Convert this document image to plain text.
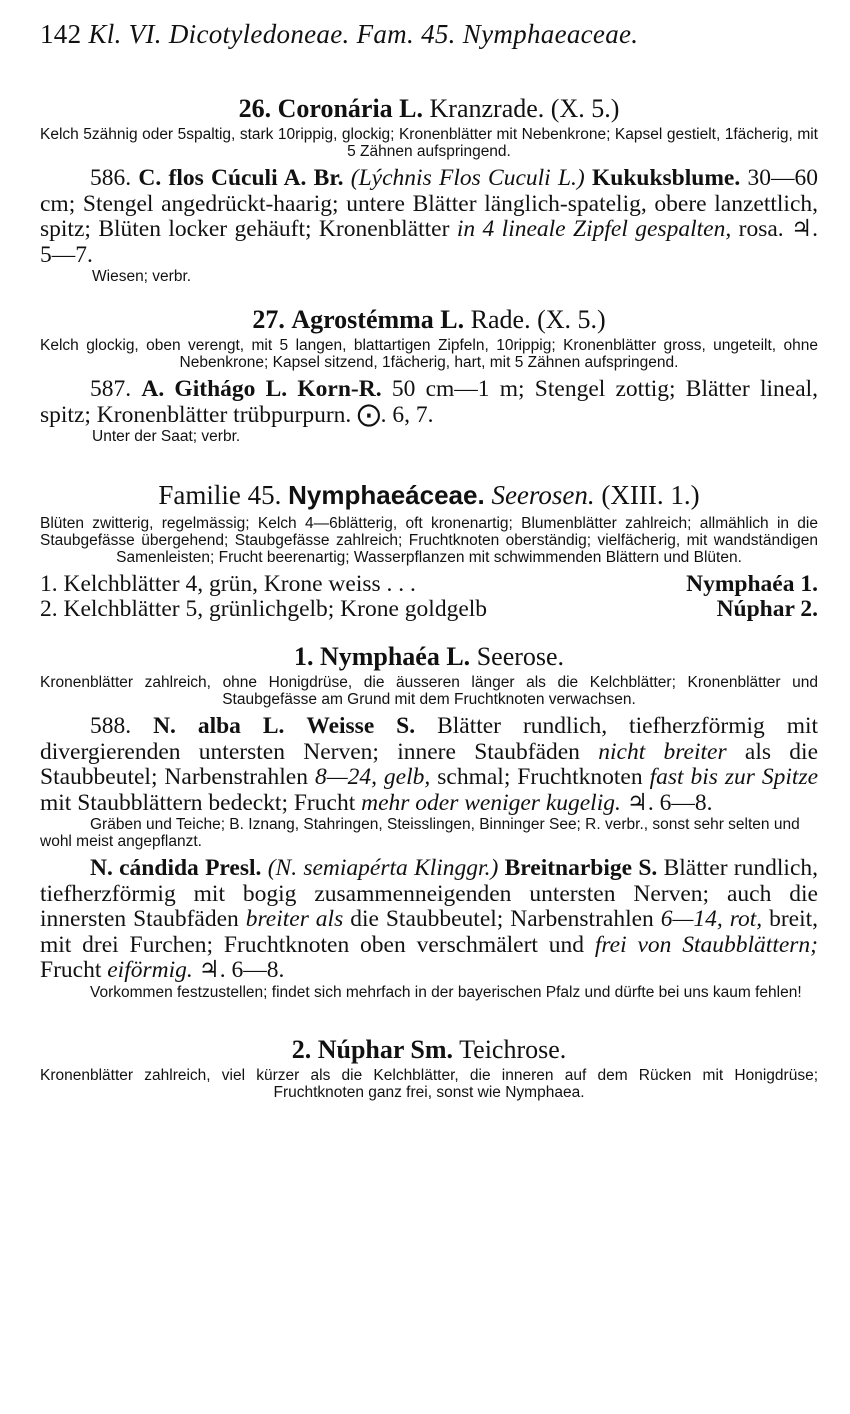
142 Kl. VI. Dicotyledoneae. Fam. 45. Nymphaeaceae.
26. Coronária L. Kranzrade. (X. 5.)

Kelch 5zähnig oder 5spaltig, stark 10rippig, glockig; Kronenblätter mit Nebenkrone; Kapsel gestielt, 1fächerig, mit 5 Zähnen aufspringend.

586. C. flos Cúculi A. Br. (Lýchnis Flos Cuculi L.) Kukuksblume. 30—60 cm; Stengel angedrückt-haarig; untere Blätter länglich-spatelig, obere lanzettlich, spitz; Blüten locker gehäuft; Kronenblätter in 4 lineale Zipfel gespalten, rosa. ♃. 5—7.

Wiesen; verbr.

27. Agrostémma L. Rade. (X. 5.)

Kelch glockig, oben verengt, mit 5 langen, blattartigen Zipfeln, 10rippig; Kronenblätter gross, ungeteilt, ohne Nebenkrone; Kapsel sitzend, 1fächerig, hart, mit 5 Zähnen aufspringend.

587. A. Githágo L. Korn-R. 50 cm—1 m; Stengel zottig; Blätter lineal, spitz; Kronenblätter trübpurpurn. ⨀. 6, 7.

Unter der Saat; verbr.

Familie 45. Nymphaeáceae. Seerosen. (XIII. 1.)

Blüten zwitterig, regelmässig; Kelch 4—6blätterig, oft kronenartig; Blumenblätter zahlreich; allmählich in die Staubgefässe übergehend; Staubgefässe zahlreich; Fruchtknoten oberständig; vielfächerig, mit wandständigen Samenleisten; Frucht beerenartig; Wasserpflanzen mit schwimmenden Blättern und Blüten.

1. Kelchblätter 4, grün, Krone weiss . . .	Nymphaéa 1.
2. Kelchblätter 5, grünlichgelb; Krone goldgelb	Núphar 2.
1. Nymphaéa L. Seerose.

Kronenblätter zahlreich, ohne Honigdrüse, die äusseren länger als die Kelchblätter; Kronenblätter und Staubgefässe am Grund mit dem Fruchtknoten verwachsen.

588. N. alba L. Weisse S. Blätter rundlich, tiefherzförmig mit divergierenden untersten Nerven; innere Staubfäden nicht breiter als die Staubbeutel; Narbenstrahlen 8—24, gelb, schmal; Fruchtknoten fast bis zur Spitze mit Staubblättern bedeckt; Frucht mehr oder weniger kugelig. ♃. 6—8.

Gräben und Teiche; B. Iznang, Stahringen, Steisslingen, Binninger See; R. verbr., sonst sehr selten und wohl meist angepflanzt.

N. cándida Presl. (N. semiapérta Klinggr.) Breitnarbige S. Blätter rundlich, tiefherzförmig mit bogig zusammenneigenden untersten Nerven; auch die innersten Staubfäden breiter als die Staubbeutel; Narbenstrahlen 6—14, rot, breit, mit drei Furchen; Fruchtknoten oben verschmälert und frei von Staubblättern; Frucht eiförmig. ♃. 6—8.

Vorkommen festzustellen; findet sich mehrfach in der bayerischen Pfalz und dürfte bei uns kaum fehlen!

2. Núphar Sm. Teichrose.

Kronenblätter zahlreich, viel kürzer als die Kelchblätter, die inneren auf dem Rücken mit Honigdrüse; Fruchtknoten ganz frei, sonst wie Nymphaea.
